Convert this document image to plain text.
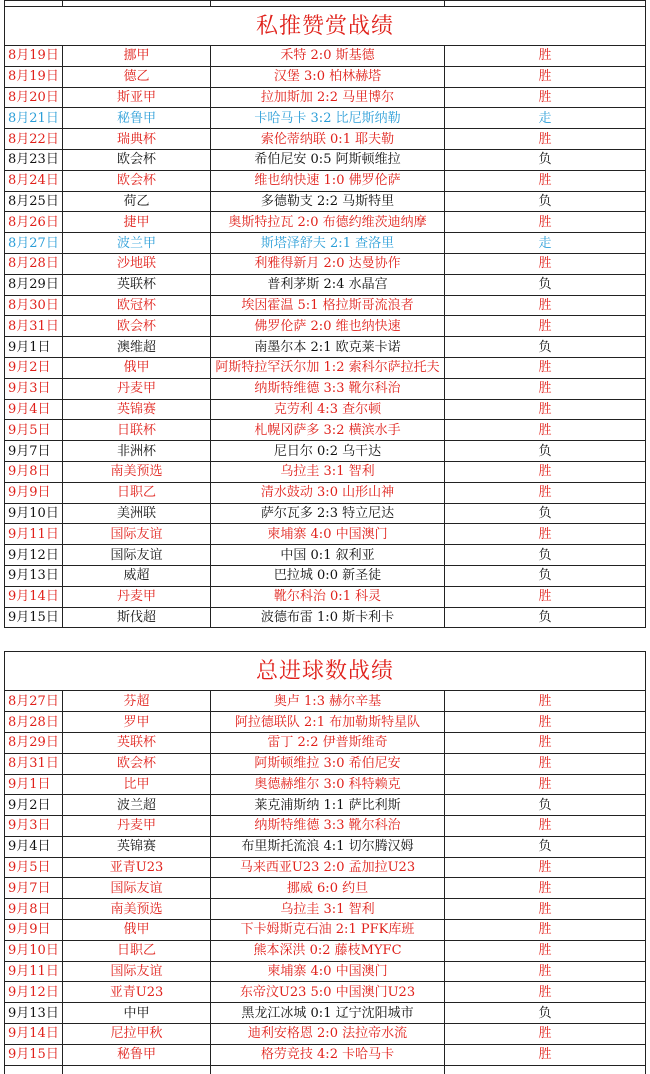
私推赞赏战绩			
8月19日	挪甲	禾特 2:0 斯基德	胜
8月19日	德乙	汉堡 3:0 柏林赫塔	胜
8月20日	斯亚甲	拉加斯加 2:2 马里博尔	胜
8月21日	秘鲁甲	卡哈马卡 3:2 比尼斯纳勒	走
8月22日	瑞典杯	索伦蒂纳联 0:1 耶夫勒	胜
8月23日	欧会杯	希伯尼安 0:5 阿斯顿维拉	负
8月24日	欧会杯	维也纳快速 1:0 佛罗伦萨	胜
8月25日	荷乙	多德勒支 2:2 马斯特里	负
8月26日	捷甲	奥斯特拉瓦 2:0 布德约维茨迪纳摩	胜
8月27日	波兰甲	斯塔泽舒夫 2:1 查洛里	走
8月28日	沙地联	利雅得新月 2:0 达曼协作	胜
8月29日	英联杯	普利茅斯 2:4 水晶宫	负
8月30日	欧冠杯	埃因霍温 5:1 格拉斯哥流浪者	胜
8月31日	欧会杯	佛罗伦萨 2:0 维也纳快速	胜
9月1日	澳维超	南墨尔本 2:1 欧克莱卡诺	负
9月2日	俄甲	阿斯特拉罕沃尔加 1:2 索科尔萨拉托夫	胜
9月3日	丹麦甲	纳斯特维德 3:3 靴尔科治	胜
9月4日	英锦赛	克劳利 4:3 查尔顿	胜
9月5日	日联杯	札幌冈萨多 3:2 横滨水手	胜
9月7日	非洲杯	尼日尔 0:2 乌干达	负
9月8日	南美预选	乌拉圭 3:1 智利	胜
9月9日	日职乙	清水鼓动 3:0 山形山神	胜
9月10日	美洲联	萨尔瓦多 2:3 特立尼达	负
9月11日	国际友谊	柬埔寨 4:0 中国澳门	胜
9月12日	国际友谊	中国 0:1 叙利亚	负
9月13日	威超	巴拉城 0:0 新圣徒	负
9月14日	丹麦甲	靴尔科治 0:1 科灵	胜
9月15日	斯伐超	波德布雷 1:0 斯卡利卡	负

总进球数战绩			
8月27日	芬超	奥卢 1:3 赫尔辛基	胜
8月28日	罗甲	阿拉德联队 2:1 布加勒斯特星队	胜
8月29日	英联杯	雷丁 2:2 伊普斯维奇	胜
8月31日	欧会杯	阿斯顿维拉 3:0 希伯尼安	胜
9月1日	比甲	奥德赫维尔 3:0 科特赖克	胜
9月2日	波兰超	莱克浦斯纳 1:1 萨比利斯	负
9月3日	丹麦甲	纳斯特维德 3:3 靴尔科治	胜
9月4日	英锦赛	布里斯托流浪 4:1 切尔腾汉姆	负
9月5日	亚青U23	马来西亚U23 2:0 孟加拉U23	胜
9月7日	国际友谊	挪威 6:0 约旦	胜
9月8日	南美预选	乌拉圭 3:1 智利	胜
9月9日	俄甲	下卡姆斯克石油 2:1 PFK库班	胜
9月10日	日职乙	熊本深洪 0:2 藤枝MYFC	胜
9月11日	国际友谊	柬埔寨 4:0 中国澳门	胜
9月12日	亚青U23	东帝汶U23 5:0 中国澳门U23	胜
9月13日	中甲	黑龙江冰城 0:1 辽宁沈阳城市	负
9月14日	尼拉甲秋	迪利安格恩 2:0 法拉帝水流	胜
9月15日	秘鲁甲	格劳竞技 4:2 卡哈马卡	胜
